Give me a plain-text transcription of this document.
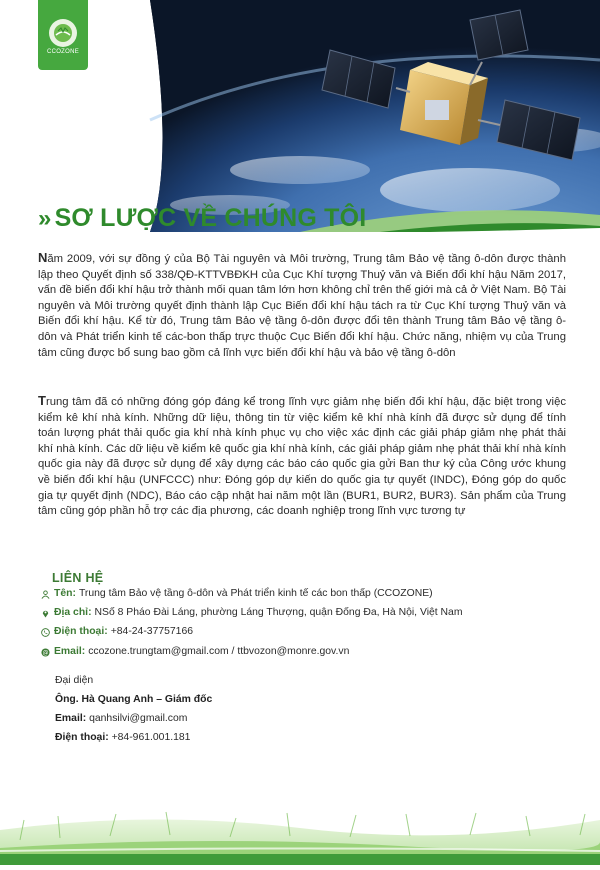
CCOZONE
» SƠ LƯỢC VỀ CHÚNG TÔI
Năm 2009, với sự đồng ý của Bộ Tài nguyên và Môi trường, Trung tâm Bảo vệ tầng ô-dôn được thành lập theo Quyết định số 338/QĐ-KTTVBĐKH của Cục Khí tượng Thuỷ văn và Biến đổi khí hậu Năm 2017, vấn đề biến đổi khí hậu trở thành mối quan tâm lớn hơn không chỉ trên thế giới mà cả ở Việt Nam. Bộ Tài nguyên và Môi trường quyết định thành lập Cục Biến đổi khí hậu tách ra từ Cục Khí tượng Thuỷ văn và Biến đổi khí hậu. Kể từ đó, Trung tâm Bảo vệ tầng ô-dôn được đổi tên thành Trung tâm Bảo vệ tầng ô-dôn và Phát triển kinh tế các-bon thấp trực thuộc Cục Biến đổi khí hậu. Chức năng, nhiệm vụ của Trung tâm cũng được bổ sung bao gồm cả lĩnh vực biến đổi khí hậu và bảo vệ tầng ô-dôn
Trung tâm đã có những đóng góp đáng kể trong lĩnh vực giảm nhẹ biến đổi khí hậu, đặc biệt trong việc kiểm kê khí nhà kính. Những dữ liệu, thông tin từ việc kiểm kê khí nhà kính đã được sử dụng để tính toán lượng phát thải quốc gia khí nhà kính phục vụ cho việc xác định các giải pháp giảm nhẹ phát thải khí nhà kính. Các dữ liệu về kiểm kê quốc gia khí nhà kính, các giải pháp giảm nhẹ phát thải khí nhà kính quốc gia này đã được sử dụng để xây dựng các báo cáo quốc gia gửi Ban thư ký của Công ước khung về biến đổi khí hậu (UNFCCC) như: Đóng góp dự kiến do quốc gia tự quyết (INDC), Đóng góp do quốc gia tự quyết định (NDC), Báo cáo cập nhật hai năm một lần (BUR1, BUR2, BUR3). Sản phẩm của Trung tâm cũng góp phần hỗ trợ các địa phương, các doanh nghiệp trong lĩnh vực tương tự
LIÊN HỆ
Tên: Trung tâm Bảo vệ tầng ô-dôn và Phát triển kinh tế các bon thấp (CCOZONE)
Địa chỉ: NSố 8 Pháo Đài Láng, phường Láng Thượng, quận Đống Đa, Hà Nội, Việt Nam
Điện thoại: +84-24-37757166
@ Email: ccozone.trungtam@gmail.com / ttbvozon@monre.gov.vn
Đại diện
Ông. Hà Quang Anh – Giám đốc
Email: qanhsilvi@gmail.com
Điện thoại: +84-961.001.181
